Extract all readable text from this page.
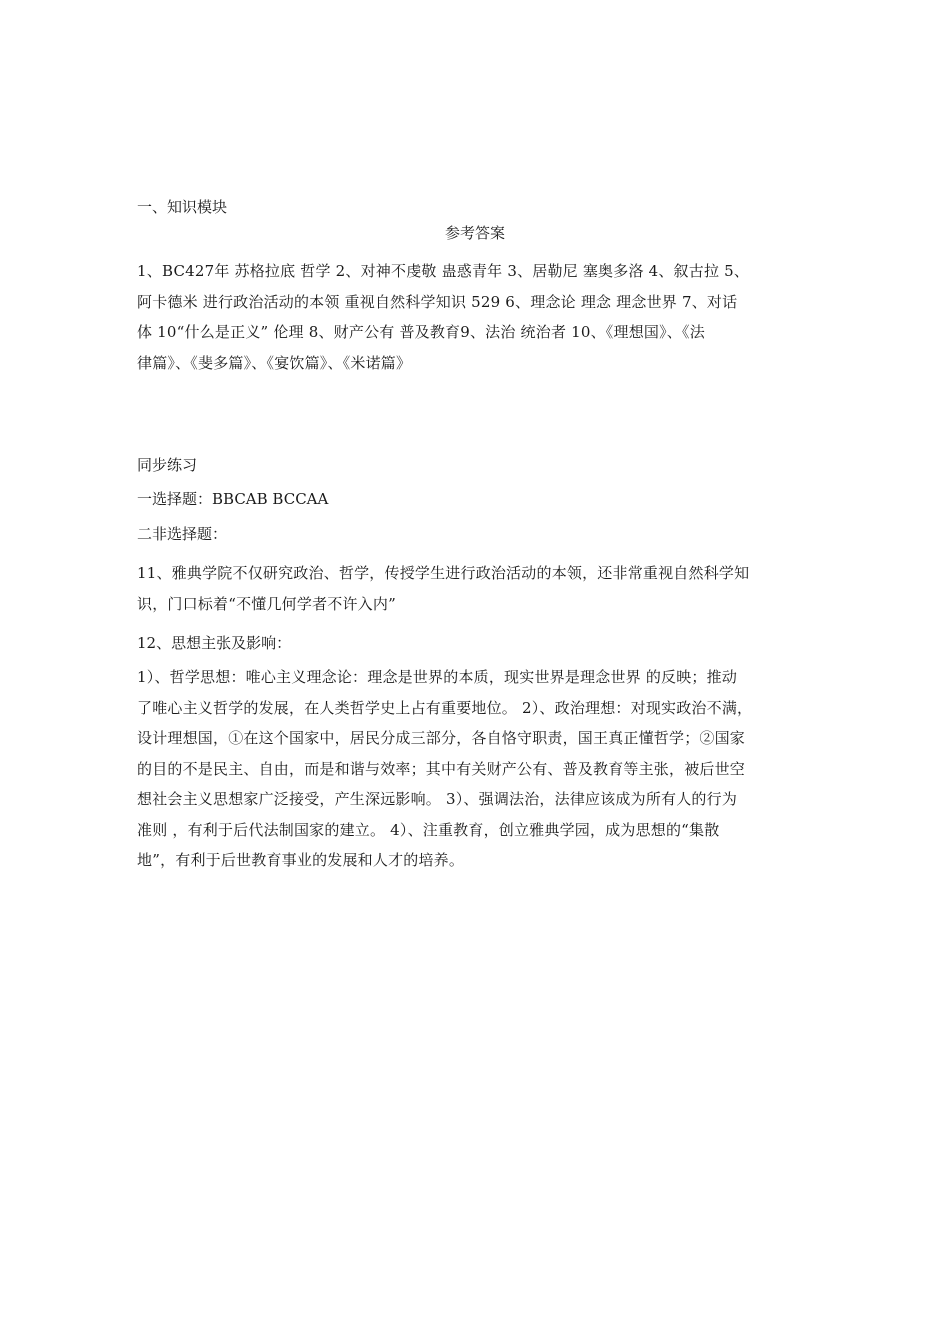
一、知识模块
参考答案

1、BC427年 苏格拉底 哲学 2、对神不虔敬 蛊惑青年 3、居勒尼 塞奥多洛 4、叙古拉 5、

阿卡德米 进行政治活动的本领 重视自然科学知识 529 6、理念论 理念 理念世界 7、对话

体 10“什么是正义” 伦理 8、财产公有 普及教育9、法治 统治者 10、《理想国》、《法

律篇》、《斐多篇》、《宴饮篇》、《米诺篇》

同步练习
一选择题：BBCAB BCCAA
二非选择题：

11、雅典学院不仅研究政治、哲学，传授学生进行政治活动的本领，还非常重视自然科学知

识，门口标着“不懂几何学者不许入内”

12、思想主张及影响：

1）、哲学思想：唯心主义理念论：理念是世界的本质，现实世界是理念世界 的反映；推动

了唯心主义哲学的发展，在人类哲学史上占有重要地位。 2）、政治理想：对现实政治不满，

设计理想国，①在这个国家中，居民分成三部分，各自恪守职责，国王真正懂哲学；②国家

的目的不是民主、自由，而是和谐与效率；其中有关财产公有、普及教育等主张，被后世空

想社会主义思想家广泛接受，产生深远影响。 3）、强调法治，法律应该成为所有人的行为

准则 ，有利于后代法制国家的建立。 4）、注重教育，创立雅典学园，成为思想的“集散

地”，有利于后世教育事业的发展和人才的培养。
